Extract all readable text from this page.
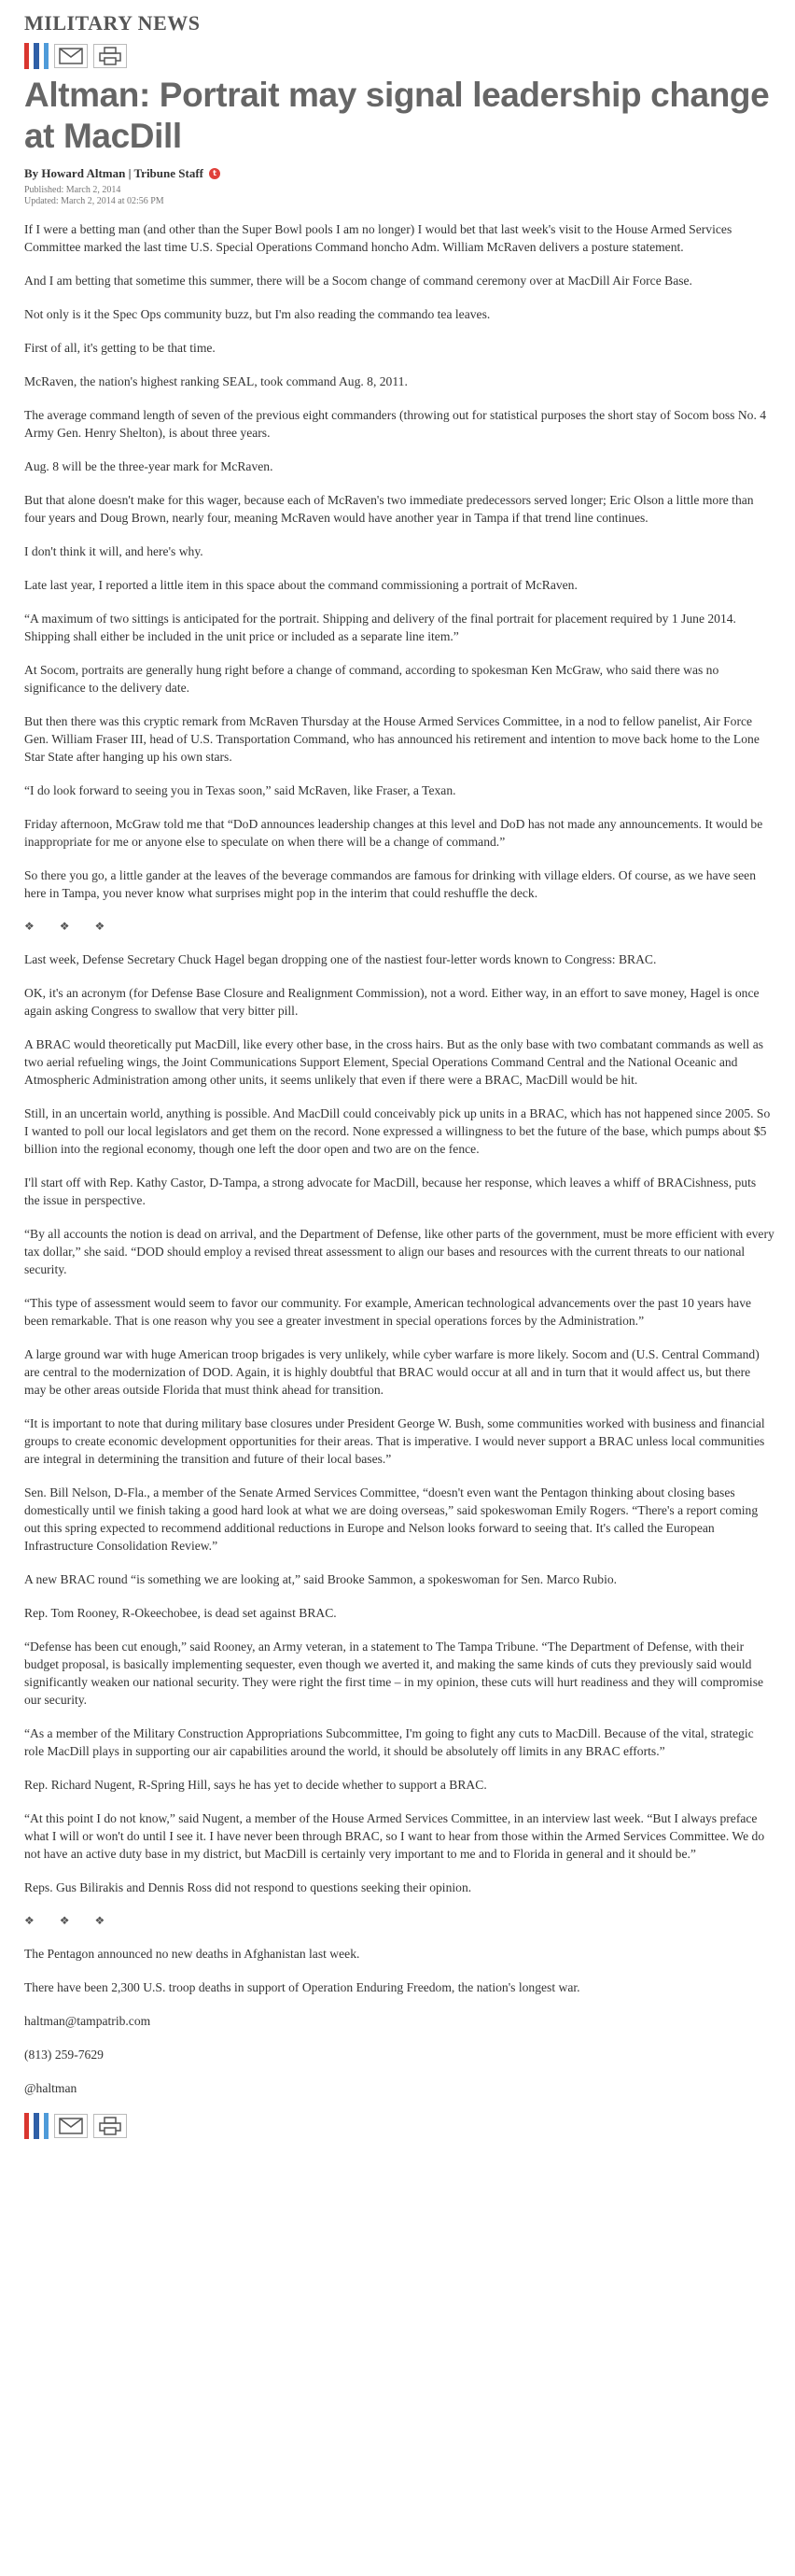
MILITARY NEWS
Altman: Portrait may signal leadership change at MacDill
By Howard Altman | Tribune Staff	t
Published: March 2, 2014
Updated: March 2, 2014 at 02:56 PM

If I were a betting man (and other than the Super Bowl pools I am no longer) I would bet that last week's visit to the House Armed Services Committee marked the last time U.S. Special Operations Command honcho Adm. William McRaven delivers a posture statement.

And I am betting that sometime this summer, there will be a Socom change of command ceremony over at MacDill Air Force Base.

Not only is it the Spec Ops community buzz, but I'm also reading the commando tea leaves.

First of all, it's getting to be that time.

McRaven, the nation's highest ranking SEAL, took command Aug. 8, 2011.

The average command length of seven of the previous eight commanders (throwing out for statistical purposes the short stay of Socom boss No. 4 Army Gen. Henry Shelton), is about three years.

Aug. 8 will be the three-year mark for McRaven.

But that alone doesn't make for this wager, because each of McRaven's two immediate predecessors served longer; Eric Olson a little more than four years and Doug Brown, nearly four, meaning McRaven would have another year in Tampa if that trend line continues.

I don't think it will, and here's why.

Late last year, I reported a little item in this space about the command commissioning a portrait of McRaven.

“A maximum of two sittings is anticipated for the portrait. Shipping and delivery of the final portrait for placement required by 1 June 2014. Shipping shall either be included in the unit price or included as a separate line item.”

At Socom, portraits are generally hung right before a change of command, according to spokesman Ken McGraw, who said there was no significance to the delivery date.

But then there was this cryptic remark from McRaven Thursday at the House Armed Services Committee, in a nod to fellow panelist, Air Force Gen. William Fraser III, head of U.S. Transportation Command, who has announced his retirement and intention to move back home to the Lone Star State after hanging up his own stars.

“I do look forward to seeing you in Texas soon,” said McRaven, like Fraser, a Texan.

Friday afternoon, McGraw told me that “DoD announces leadership changes at this level and DoD has not made any announcements. It would be inappropriate for me or anyone else to speculate on when there will be a change of command.”

So there you go, a little gander at the leaves of the beverage commandos are famous for drinking with village elders. Of course, as we have seen here in Tampa, you never know what surprises might pop in the interim that could reshuffle the deck.

❖ ❖ ❖

Last week, Defense Secretary Chuck Hagel began dropping one of the nastiest four-letter words known to Congress: BRAC.

OK, it's an acronym (for Defense Base Closure and Realignment Commission), not a word. Either way, in an effort to save money, Hagel is once again asking Congress to swallow that very bitter pill.

A BRAC would theoretically put MacDill, like every other base, in the cross hairs. But as the only base with two combatant commands as well as two aerial refueling wings, the Joint Communications Support Element, Special Operations Command Central and the National Oceanic and Atmospheric Administration among other units, it seems unlikely that even if there were a BRAC, MacDill would be hit.

Still, in an uncertain world, anything is possible. And MacDill could conceivably pick up units in a BRAC, which has not happened since 2005. So I wanted to poll our local legislators and get them on the record. None expressed a willingness to bet the future of the base, which pumps about $5 billion into the regional economy, though one left the door open and two are on the fence.

I'll start off with Rep. Kathy Castor, D-Tampa, a strong advocate for MacDill, because her response, which leaves a whiff of BRACishness, puts the issue in perspective.

“By all accounts the notion is dead on arrival, and the Department of Defense, like other parts of the government, must be more efficient with every tax dollar,” she said. “DOD should employ a revised threat assessment to align our bases and resources with the current threats to our national security.

“This type of assessment would seem to favor our community. For example, American technological advancements over the past 10 years have been remarkable. That is one reason why you see a greater investment in special operations forces by the Administration.”

A large ground war with huge American troop brigades is very unlikely, while cyber warfare is more likely. Socom and (U.S. Central Command) are central to the modernization of DOD. Again, it is highly doubtful that BRAC would occur at all and in turn that it would affect us, but there may be other areas outside Florida that must think ahead for transition.

“It is important to note that during military base closures under President George W. Bush, some communities worked with business and financial groups to create economic development opportunities for their areas. That is imperative. I would never support a BRAC unless local communities are integral in determining the transition and future of their local bases.”

Sen. Bill Nelson, D-Fla., a member of the Senate Armed Services Committee, “doesn't even want the Pentagon thinking about closing bases domestically until we finish taking a good hard look at what we are doing overseas,” said spokeswoman Emily Rogers. “There's a report coming out this spring expected to recommend additional reductions in Europe and Nelson looks forward to seeing that. It's called the European Infrastructure Consolidation Review.”

A new BRAC round “is something we are looking at,” said Brooke Sammon, a spokeswoman for Sen. Marco Rubio.

Rep. Tom Rooney, R-Okeechobee, is dead set against BRAC.

“Defense has been cut enough,” said Rooney, an Army veteran, in a statement to The Tampa Tribune. “The Department of Defense, with their budget proposal, is basically implementing sequester, even though we averted it, and making the same kinds of cuts they previously said would significantly weaken our national security. They were right the first time – in my opinion, these cuts will hurt readiness and they will compromise our security.

“As a member of the Military Construction Appropriations Subcommittee, I'm going to fight any cuts to MacDill. Because of the vital, strategic role MacDill plays in supporting our air capabilities around the world, it should be absolutely off limits in any BRAC efforts.”

Rep. Richard Nugent, R-Spring Hill, says he has yet to decide whether to support a BRAC.

“At this point I do not know,” said Nugent, a member of the House Armed Services Committee, in an interview last week. “But I always preface what I will or won't do until I see it. I have never been through BRAC, so I want to hear from those within the Armed Services Committee. We do not have an active duty base in my district, but MacDill is certainly very important to me and to Florida in general and it should be.”

Reps. Gus Bilirakis and Dennis Ross did not respond to questions seeking their opinion.

❖ ❖ ❖

The Pentagon announced no new deaths in Afghanistan last week.

There have been 2,300 U.S. troop deaths in support of Operation Enduring Freedom, the nation's longest war.

haltman@tampatrib.com

(813) 259-7629

@haltman
